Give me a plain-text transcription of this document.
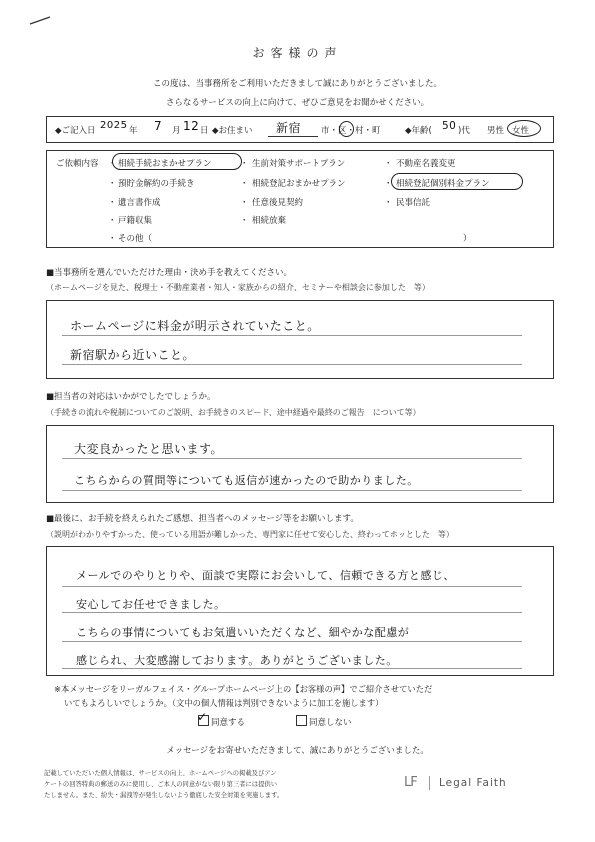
お客様の声
この度は、当事務所をご利用いただきまして誠にありがとうございました。
さらなるサービスの向上に向けて、ぜひご意見をお聞かせください。
◆ご記入日 2025 年 7 月 12 日 ◆お住まい 新宿 市・区・村・町	◆年齢( 50 )代 男性 女性
ご依頼内容 ・ 相続手続おまかせプラン	・ 生前対策サポートプラン	・ 不動産名義変更
・ 預貯金解約の手続き	・ 相続登記おまかせプラン	・ 相続登記個別料金プラン
・ 遺言書作成	・ 任意後見契約	・ 民事信託
・ 戸籍収集	・ 相続放棄
・ その他（	）
■当事務所を選んでいただけた理由・決め手を教えてください。
（ホームページを見た、税理士・不動産業者・知人・家族からの紹介、セミナーや相談会に参加した　等）
ホームページに料金が明示されていたこと。
新宿駅から近いこと。
■担当者の対応はいかがでしたでしょうか。
（手続きの流れや税制についてのご説明、お手続きのスピード、途中経過や最終のご報告　について等）
大変良かったと思います。
こちらからの質問等についても返信が速かったので助かりました。
■最後に、お手続を終えられたご感想、担当者へのメッセージ等をお願いします。
（説明がわかりやすかった、使っている用語が難しかった、専門家に任せて安心した、終わってホッとした　等）
メールでのやりとりや、面談で実際にお会いして、信頼できる方と感じ、
安心してお任せできました。
こちらの事情についてもお気遣いいただくなど、細やかな配慮が
感じられ、大変感謝しております。ありがとうございました。
※本メッセージをリーガルフェイス・グループホームページ上の【お客様の声】でご紹介させていただ
いてもよろしいでしょうか。（文中の個人情報は判別できないように加工を施します）
✓ 同意する	同意しない
メッセージをお寄せいただきまして、誠にありがとうございました。
記載していただいた個人情報は、サービスの向上、ホームページへの掲載及びアン
ケートの回答特典の郵送のみに使用し、ご本人の同意がない限り第三者には提供い
たしません。また、紛失・漏洩等が発生しないよう徹底した安全対策を実施します。
LF Legal Faith
